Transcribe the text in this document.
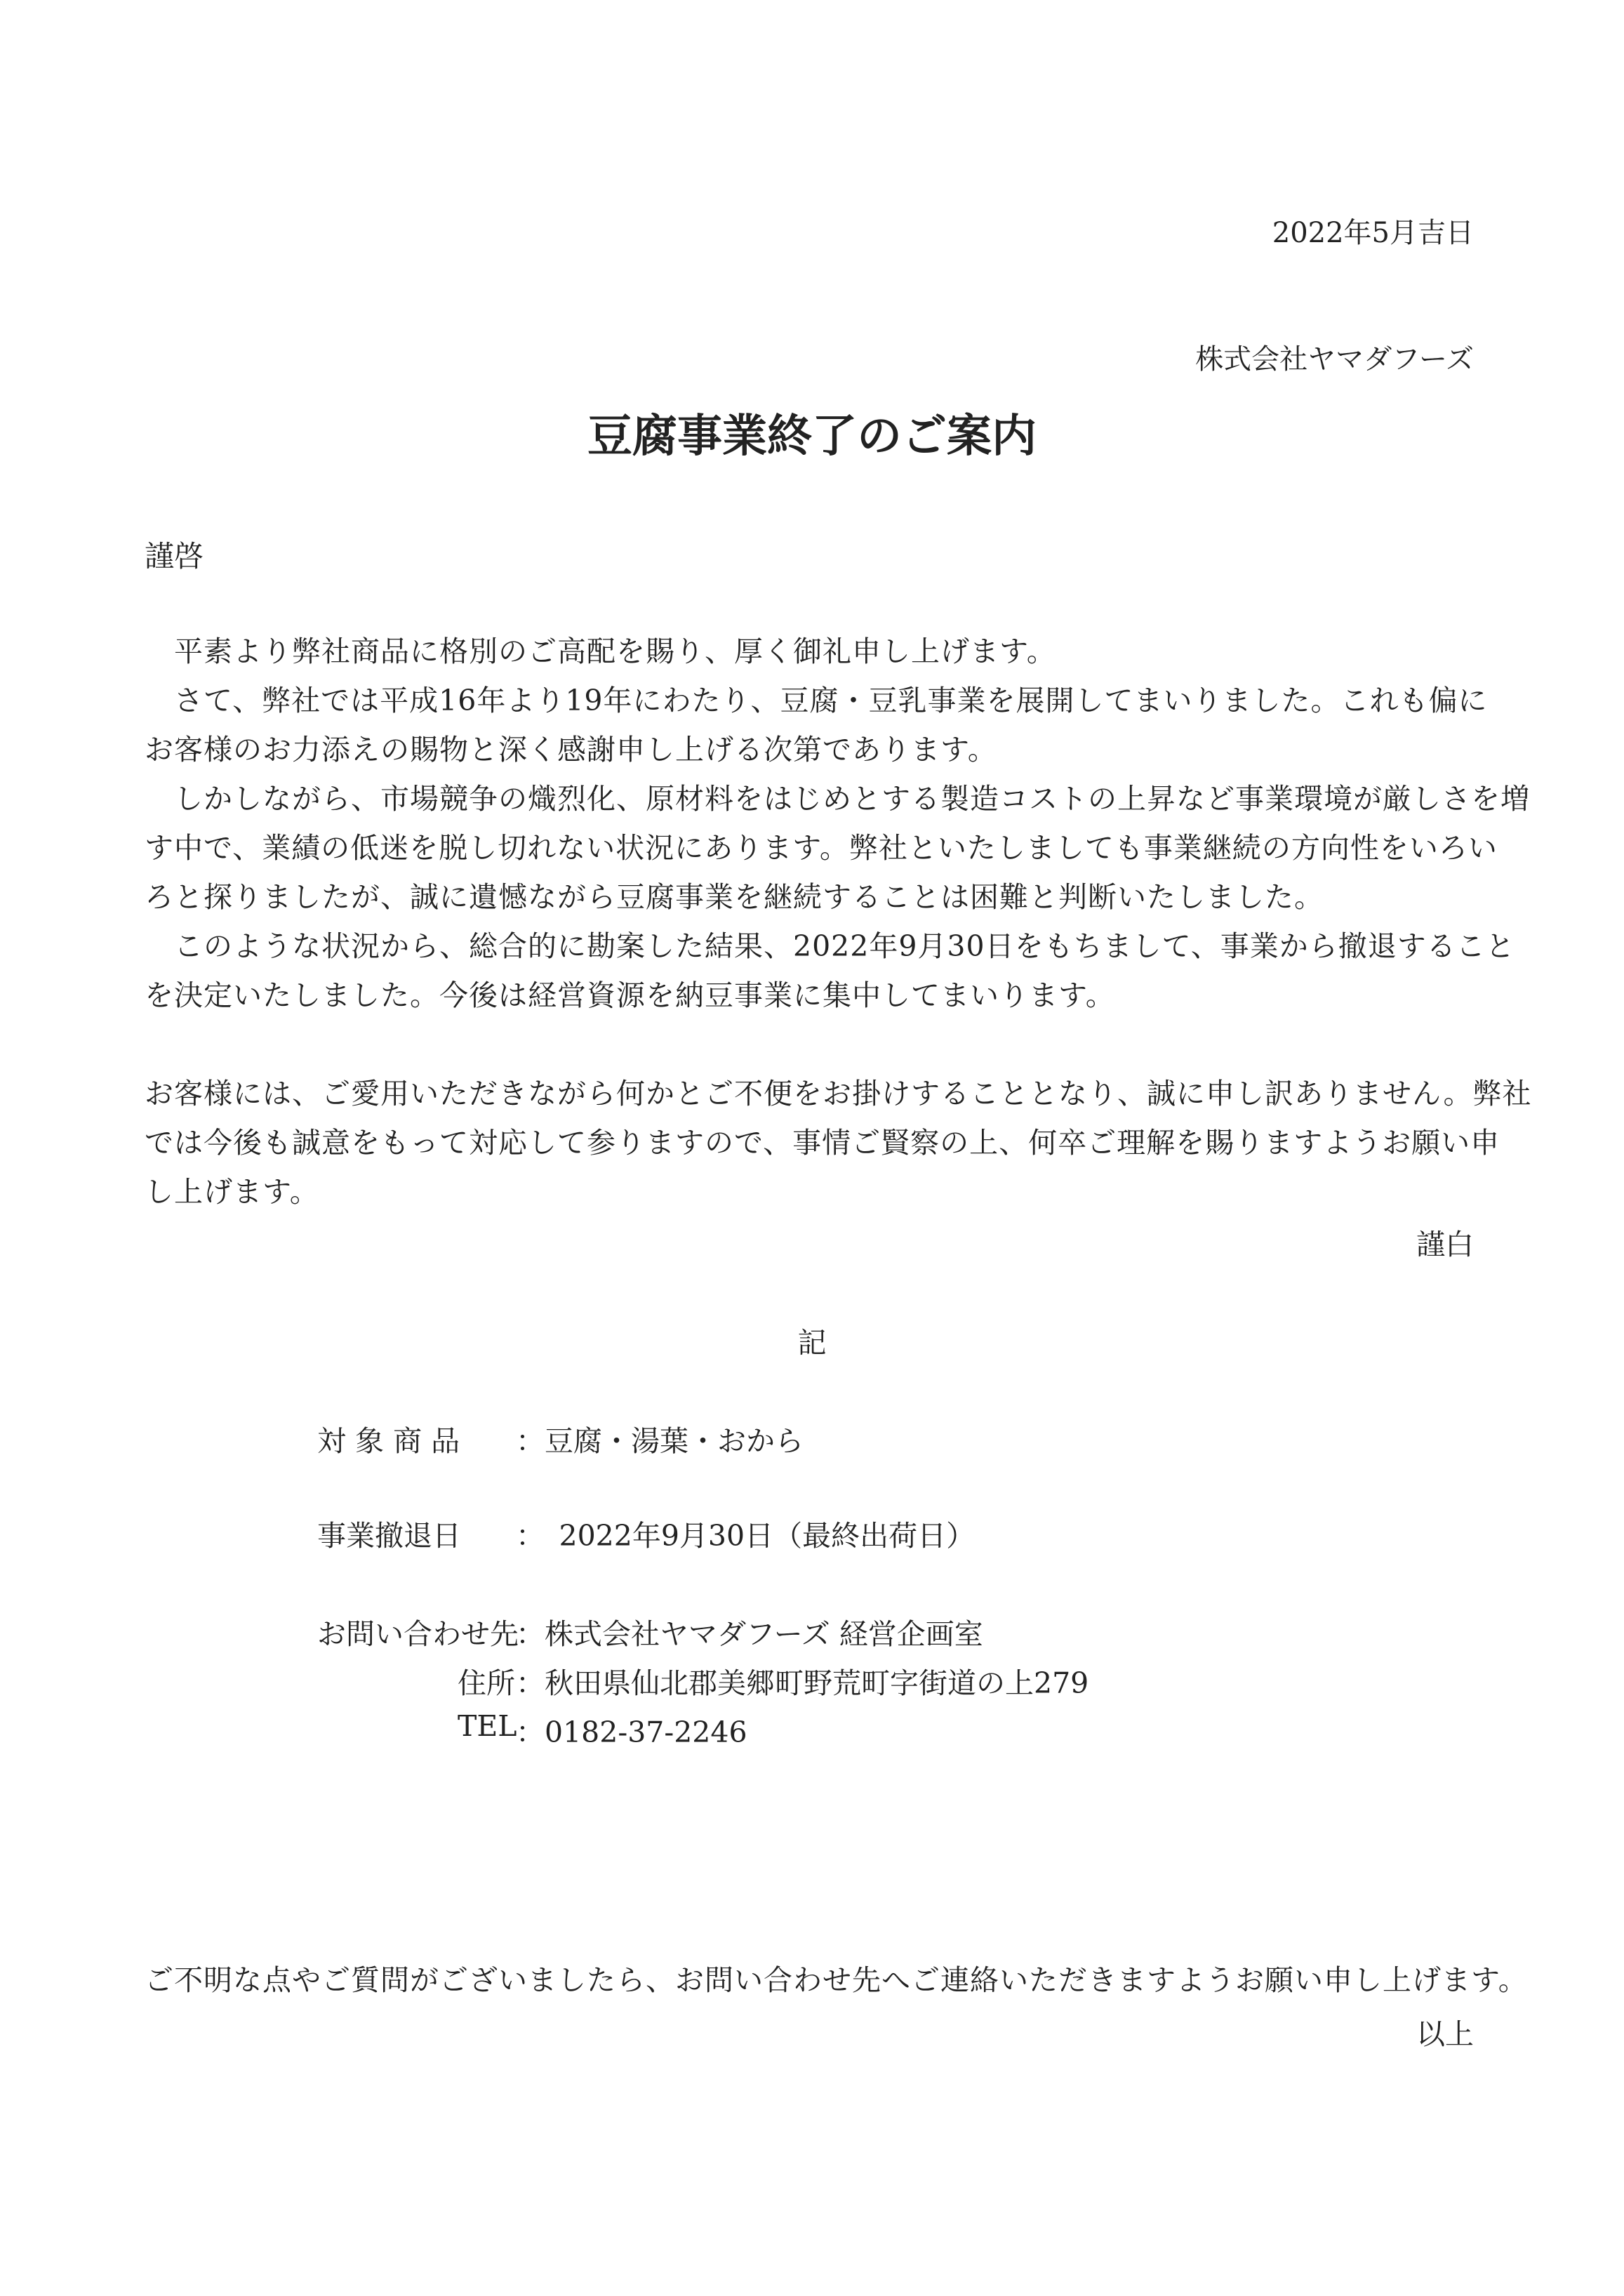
2022年5月吉日
株式会社ヤマダフーズ
豆腐事業終了のご案内
謹啓
　平素より弊社商品に格別のご高配を賜り、厚く御礼申し上げます。
　さて、弊社では平成16年より19年にわたり、豆腐・豆乳事業を展開してまいりました。これも偏に
お客様のお力添えの賜物と深く感謝申し上げる次第であります。
　しかしながら、市場競争の熾烈化、原材料をはじめとする製造コストの上昇など事業環境が厳しさを増
す中で、業績の低迷を脱し切れない状況にあります。弊社といたしましても事業継続の方向性をいろい
ろと探りましたが、誠に遺憾ながら豆腐事業を継続することは困難と判断いたしました。
　このような状況から、総合的に勘案した結果、2022年9月30日をもちまして、事業から撤退すること
を決定いたしました。今後は経営資源を納豆事業に集中してまいります。
お客様には、ご愛用いただきながら何かとご不便をお掛けすることとなり、誠に申し訳ありません。弊社
では今後も誠意をもって対応して参りますので、事情ご賢察の上、何卒ご理解を賜りますようお願い申
し上げます。
謹白
記
対 象 商 品 ：豆腐・湯葉・おから
事業撤退日 ：　2022年9月30日（最終出荷日）
お問い合わせ先
：株式会社ヤマダフーズ 経営企画室
住所 ：秋田県仙北郡美郷町野荒町字街道の上279
TEL
：0182-37-2246
ご不明な点やご質問がございましたら、お問い合わせ先へご連絡いただきますようお願い申し上げます。
以上
